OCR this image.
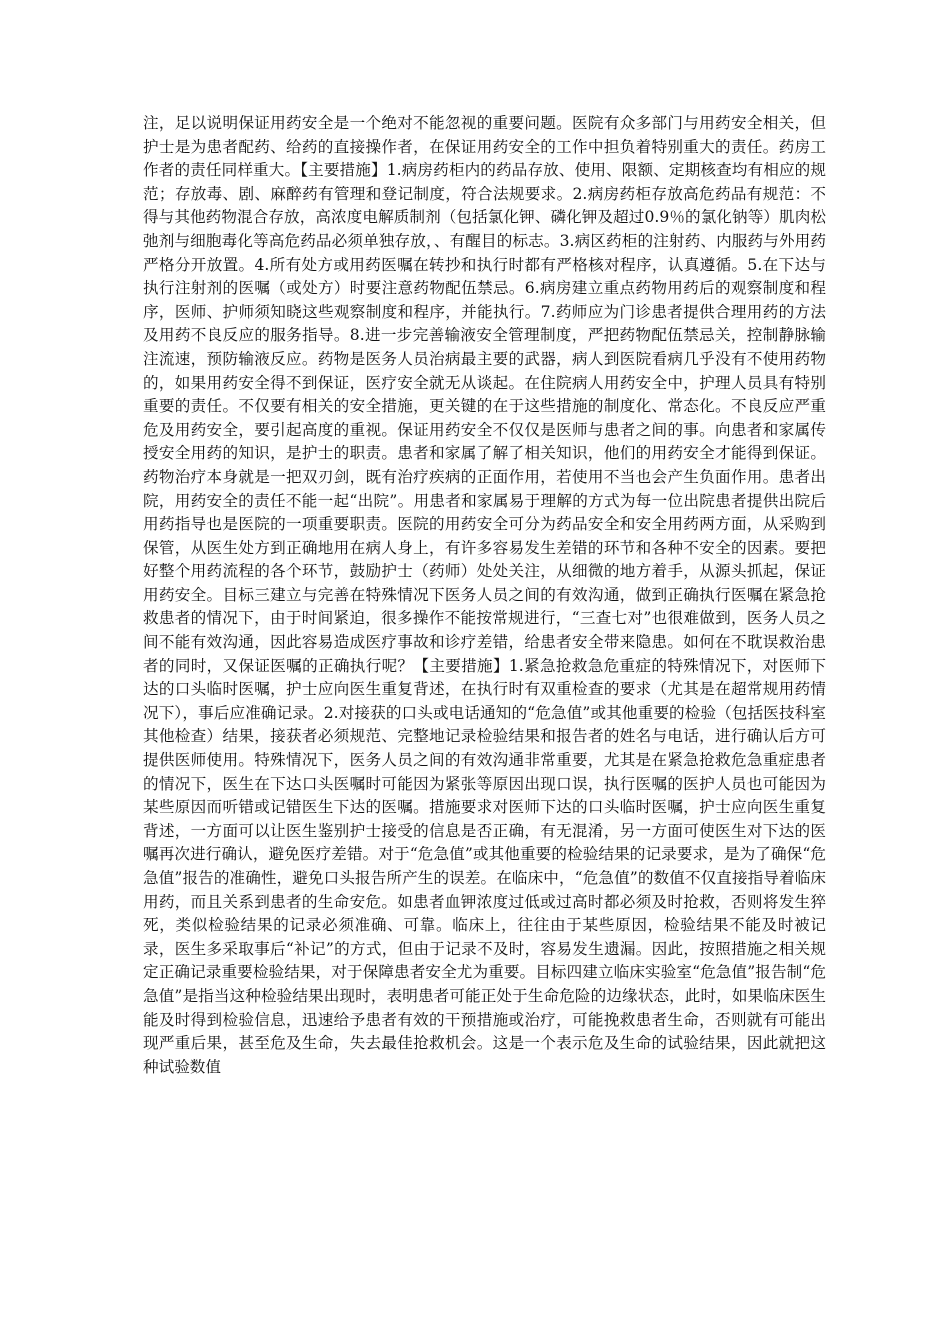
注，足以说明保证用药安全是一个绝对不能忽视的重要问题。医院有众多部门与用药安全相关，但护士是为患者配药、给药的直接操作者，在保证用药安全的工作中担负着特别重大的责任。药房工作者的责任同样重大。【主要措施】1.病房药柜内的药品存放、使用、限额、定期核查均有相应的规范；存放毒、剧、麻醉药有管理和登记制度，符合法规要求。2.病房药柜存放高危药品有规范：不得与其他药物混合存放，高浓度电解质制剂（包括氯化钾、磷化钾及超过0.9％的氯化钠等）肌肉松弛剂与细胞毒化等高危药品必须单独存放，、有醒目的标志。3.病区药柜的注射药、内服药与外用药严格分开放置。4.所有处方或用药医嘱在转抄和执行时都有严格核对程序，认真遵循。5.在下达与执行注射剂的医嘱（或处方）时要注意药物配伍禁忌。6.病房建立重点药物用药后的观察制度和程序，医师、护师须知晓这些观察制度和程序，并能执行。7.药师应为门诊患者提供合理用药的方法及用药不良反应的服务指导。8.进一步完善输液安全管理制度，严把药物配伍禁忌关，控制静脉输注流速，预防输液反应。药物是医务人员治病最主要的武器，病人到医院看病几乎没有不使用药物的，如果用药安全得不到保证，医疗安全就无从谈起。在住院病人用药安全中，护理人员具有特别重要的责任。不仅要有相关的安全措施，更关键的在于这些措施的制度化、常态化。不良反应严重危及用药安全，要引起高度的重视。保证用药安全不仅仅是医师与患者之间的事。向患者和家属传授安全用药的知识，是护士的职责。患者和家属了解了相关知识，他们的用药安全才能得到保证。药物治疗本身就是一把双刃剑，既有治疗疾病的正面作用，若使用不当也会产生负面作用。患者出院，用药安全的责任不能一起“出院”。用患者和家属易于理解的方式为每一位出院患者提供出院后用药指导也是医院的一项重要职责。医院的用药安全可分为药品安全和安全用药两方面，从采购到保管，从医生处方到正确地用在病人身上，有许多容易发生差错的环节和各种不安全的因素。要把好整个用药流程的各个环节，鼓励护士（药师）处处关注，从细微的地方着手，从源头抓起，保证用药安全。目标三建立与完善在特殊情况下医务人员之间的有效沟通，做到正确执行医嘱在紧急抢救患者的情况下，由于时间紧迫，很多操作不能按常规进行，“三查七对”也很难做到，医务人员之间不能有效沟通，因此容易造成医疗事故和诊疗差错，给患者安全带来隐患。如何在不耽误救治患者的同时，又保证医嘱的正确执行呢？【主要措施】1.紧急抢救急危重症的特殊情况下，对医师下达的口头临时医嘱，护士应向医生重复背述，在执行时有双重检查的要求（尤其是在超常规用药情况下），事后应准确记录。2.对接获的口头或电话通知的“危急值”或其他重要的检验（包括医技科室其他检查）结果，接获者必须规范、完整地记录检验结果和报告者的姓名与电话，进行确认后方可提供医师使用。特殊情况下，医务人员之间的有效沟通非常重要，尤其是在紧急抢救危急重症患者的情况下，医生在下达口头医嘱时可能因为紧张等原因出现口误，执行医嘱的医护人员也可能因为某些原因而听错或记错医生下达的医嘱。措施要求对医师下达的口头临时医嘱，护士应向医生重复背述，一方面可以让医生鉴别护士接受的信息是否正确，有无混淆，另一方面可使医生对下达的医嘱再次进行确认，避免医疗差错。对于“危急值”或其他重要的检验结果的记录要求，是为了确保“危急值”报告的准确性，避免口头报告所产生的误差。在临床中，“危急值”的数值不仅直接指导着临床用药，而且关系到患者的生命安危。如患者血钾浓度过低或过高时都必须及时抢救，否则将发生猝死，类似检验结果的记录必须准确、可靠。临床上，往往由于某些原因，检验结果不能及时被记录，医生多采取事后“补记”的方式，但由于记录不及时，容易发生遗漏。因此，按照措施之相关规定正确记录重要检验结果，对于保障患者安全尤为重要。目标四建立临床实验室“危急值”报告制“危急值”是指当这种检验结果出现时，表明患者可能正处于生命危险的边缘状态，此时，如果临床医生能及时得到检验信息，迅速给予患者有效的干预措施或治疗，可能挽救患者生命，否则就有可能出现严重后果，甚至危及生命，失去最佳抢救机会。这是一个表示危及生命的试验结果，因此就把这种试验数值
